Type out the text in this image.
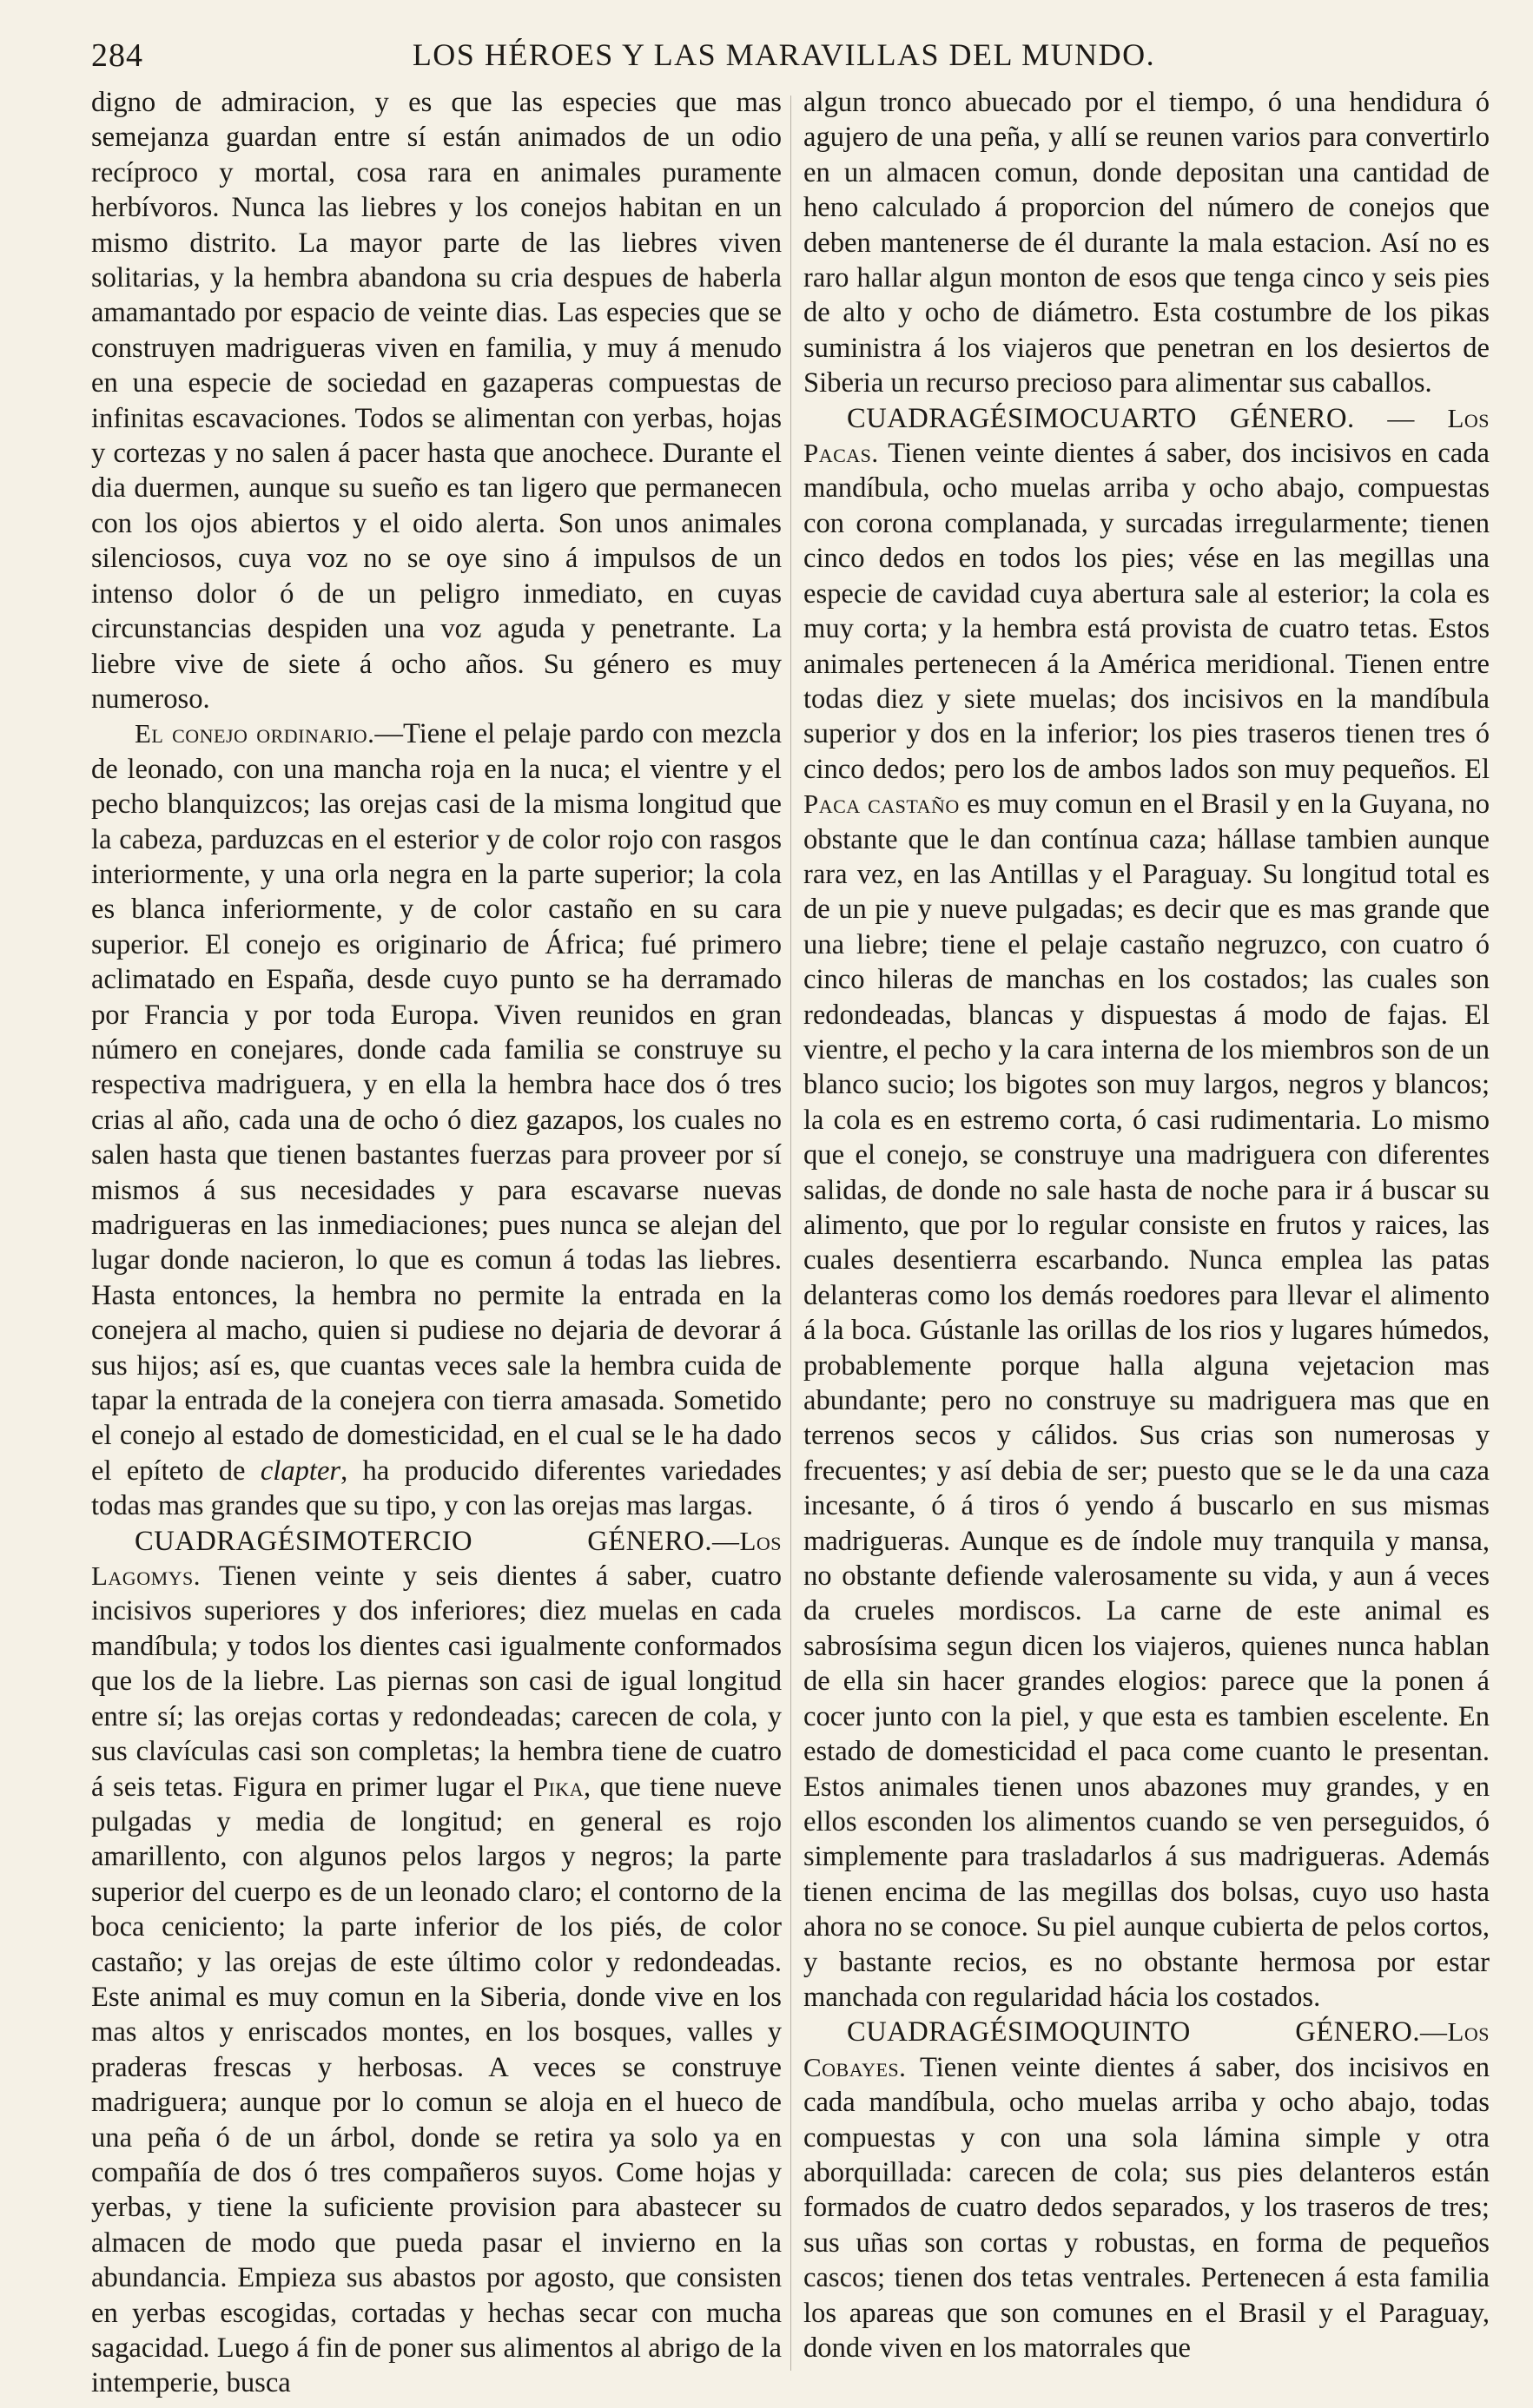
284	LOS HÉROES Y LAS MARAVILLAS DEL MUNDO.

digno de admiracion, y es que las especies que mas semejanza guardan entre sí están animados de un odio recíproco y mortal, cosa rara en animales puramente herbívoros. Nunca las liebres y los conejos habitan en un mismo distrito. La mayor parte de las liebres viven solitarias, y la hembra abandona su cria despues de haberla amamantado por espacio de veinte dias. Las especies que se construyen madrigueras viven en familia, y muy á menudo en una especie de sociedad en gazaperas compuestas de infinitas escavaciones. Todos se alimentan con yerbas, hojas y cortezas y no salen á pacer hasta que anochece. Durante el dia duermen, aunque su sueño es tan ligero que permanecen con los ojos abiertos y el oido alerta. Son unos animales silenciosos, cuya voz no se oye sino á impulsos de un intenso dolor ó de un peligro inmediato, en cuyas circunstancias despiden una voz aguda y penetrante. La liebre vive de siete á ocho años. Su género es muy numeroso.

El conejo ordinario.—Tiene el pelaje pardo con mezcla de leonado, con una mancha roja en la nuca; el vientre y el pecho blanquizcos; las orejas casi de la misma longitud que la cabeza, parduzcas en el esterior y de color rojo con rasgos interiormente, y una orla negra en la parte superior; la cola es blanca inferiormente, y de color castaño en su cara superior. El conejo es originario de África; fué primero aclimatado en España, desde cuyo punto se ha derramado por Francia y por toda Europa. Viven reunidos en gran número en conejares, donde cada familia se construye su respectiva madriguera, y en ella la hembra hace dos ó tres crias al año, cada una de ocho ó diez gazapos, los cuales no salen hasta que tienen bastantes fuerzas para proveer por sí mismos á sus necesidades y para escavarse nuevas madrigueras en las inmediaciones; pues nunca se alejan del lugar donde nacieron, lo que es comun á todas las liebres. Hasta entonces, la hembra no permite la entrada en la conejera al macho, quien si pudiese no dejaria de devorar á sus hijos; así es, que cuantas veces sale la hembra cuida de tapar la entrada de la conejera con tierra amasada. Sometido el conejo al estado de domesticidad, en el cual se le ha dado el epíteto de clapter, ha producido diferentes variedades todas mas grandes que su tipo, y con las orejas mas largas.

CUADRAGÉSIMOTERCIO GÉNERO.—Los Lagomys. Tienen veinte y seis dientes á saber, cuatro incisivos superiores y dos inferiores; diez muelas en cada mandíbula; y todos los dientes casi igualmente conformados que los de la liebre. Las piernas son casi de igual longitud entre sí; las orejas cortas y redondeadas; carecen de cola, y sus clavículas casi son completas; la hembra tiene de cuatro á seis tetas. Figura en primer lugar el Pika, que tiene nueve pulgadas y media de longitud; en general es rojo amarillento, con algunos pelos largos y negros; la parte superior del cuerpo es de un leonado claro; el contorno de la boca ceniciento; la parte inferior de los piés, de color castaño; y las orejas de este último color y redondeadas. Este animal es muy comun en la Siberia, donde vive en los mas altos y enriscados montes, en los bosques, valles y praderas frescas y herbosas. A veces se construye madriguera; aunque por lo comun se aloja en el hueco de una peña ó de un árbol, donde se retira ya solo ya en compañía de dos ó tres compañeros suyos. Come hojas y yerbas, y tiene la suficiente provision para abastecer su almacen de modo que pueda pasar el invierno en la abundancia. Empieza sus abastos por agosto, que consisten en yerbas escogidas, cortadas y hechas secar con mucha sagacidad. Luego á fin de poner sus alimentos al abrigo de la intemperie, busca

algun tronco abuecado por el tiempo, ó una hendidura ó agujero de una peña, y allí se reunen varios para convertirlo en un almacen comun, donde depositan una cantidad de heno calculado á proporcion del número de conejos que deben mantenerse de él durante la mala estacion. Así no es raro hallar algun monton de esos que tenga cinco y seis pies de alto y ocho de diámetro. Esta costumbre de los pikas suministra á los viajeros que penetran en los desiertos de Siberia un recurso precioso para alimentar sus caballos.

CUADRAGÉSIMOCUARTO GÉNERO. — Los Pacas. Tienen veinte dientes á saber, dos incisivos en cada mandíbula, ocho muelas arriba y ocho abajo, compuestas con corona complanada, y surcadas irregularmente; tienen cinco dedos en todos los pies; vése en las megillas una especie de cavidad cuya abertura sale al esterior; la cola es muy corta; y la hembra está provista de cuatro tetas. Estos animales pertenecen á la América meridional. Tienen entre todas diez y siete muelas; dos incisivos en la mandíbula superior y dos en la inferior; los pies traseros tienen tres ó cinco dedos; pero los de ambos lados son muy pequeños. El Paca castaño es muy comun en el Brasil y en la Guyana, no obstante que le dan contínua caza; hállase tambien aunque rara vez, en las Antillas y el Paraguay. Su longitud total es de un pie y nueve pulgadas; es decir que es mas grande que una liebre; tiene el pelaje castaño negruzco, con cuatro ó cinco hileras de manchas en los costados; las cuales son redondeadas, blancas y dispuestas á modo de fajas. El vientre, el pecho y la cara interna de los miembros son de un blanco sucio; los bigotes son muy largos, negros y blancos; la cola es en estremo corta, ó casi rudimentaria. Lo mismo que el conejo, se construye una madriguera con diferentes salidas, de donde no sale hasta de noche para ir á buscar su alimento, que por lo regular consiste en frutos y raices, las cuales desentierra escarbando. Nunca emplea las patas delanteras como los demás roedores para llevar el alimento á la boca. Gústanle las orillas de los rios y lugares húmedos, probablemente porque halla alguna vejetacion mas abundante; pero no construye su madriguera mas que en terrenos secos y cálidos. Sus crias son numerosas y frecuentes; y así debia de ser; puesto que se le da una caza incesante, ó á tiros ó yendo á buscarlo en sus mismas madrigueras. Aunque es de índole muy tranquila y mansa, no obstante defiende valerosamente su vida, y aun á veces da crueles mordiscos. La carne de este animal es sabrosísima segun dicen los viajeros, quienes nunca hablan de ella sin hacer grandes elogios: parece que la ponen á cocer junto con la piel, y que esta es tambien escelente. En estado de domesticidad el paca come cuanto le presentan. Estos animales tienen unos abazones muy grandes, y en ellos esconden los alimentos cuando se ven perseguidos, ó simplemente para trasladarlos á sus madrigueras. Además tienen encima de las megillas dos bolsas, cuyo uso hasta ahora no se conoce. Su piel aunque cubierta de pelos cortos, y bastante recios, es no obstante hermosa por estar manchada con regularidad hácia los costados.

CUADRAGÉSIMOQUINTO GÉNERO.—Los Cobayes. Tienen veinte dientes á saber, dos incisivos en cada mandíbula, ocho muelas arriba y ocho abajo, todas compuestas y con una sola lámina simple y otra aborquillada: carecen de cola; sus pies delanteros están formados de cuatro dedos separados, y los traseros de tres; sus uñas son cortas y robustas, en forma de pequeños cascos; tienen dos tetas ventrales. Pertenecen á esta familia los apareas que son comunes en el Brasil y el Paraguay, donde viven en los matorrales que
